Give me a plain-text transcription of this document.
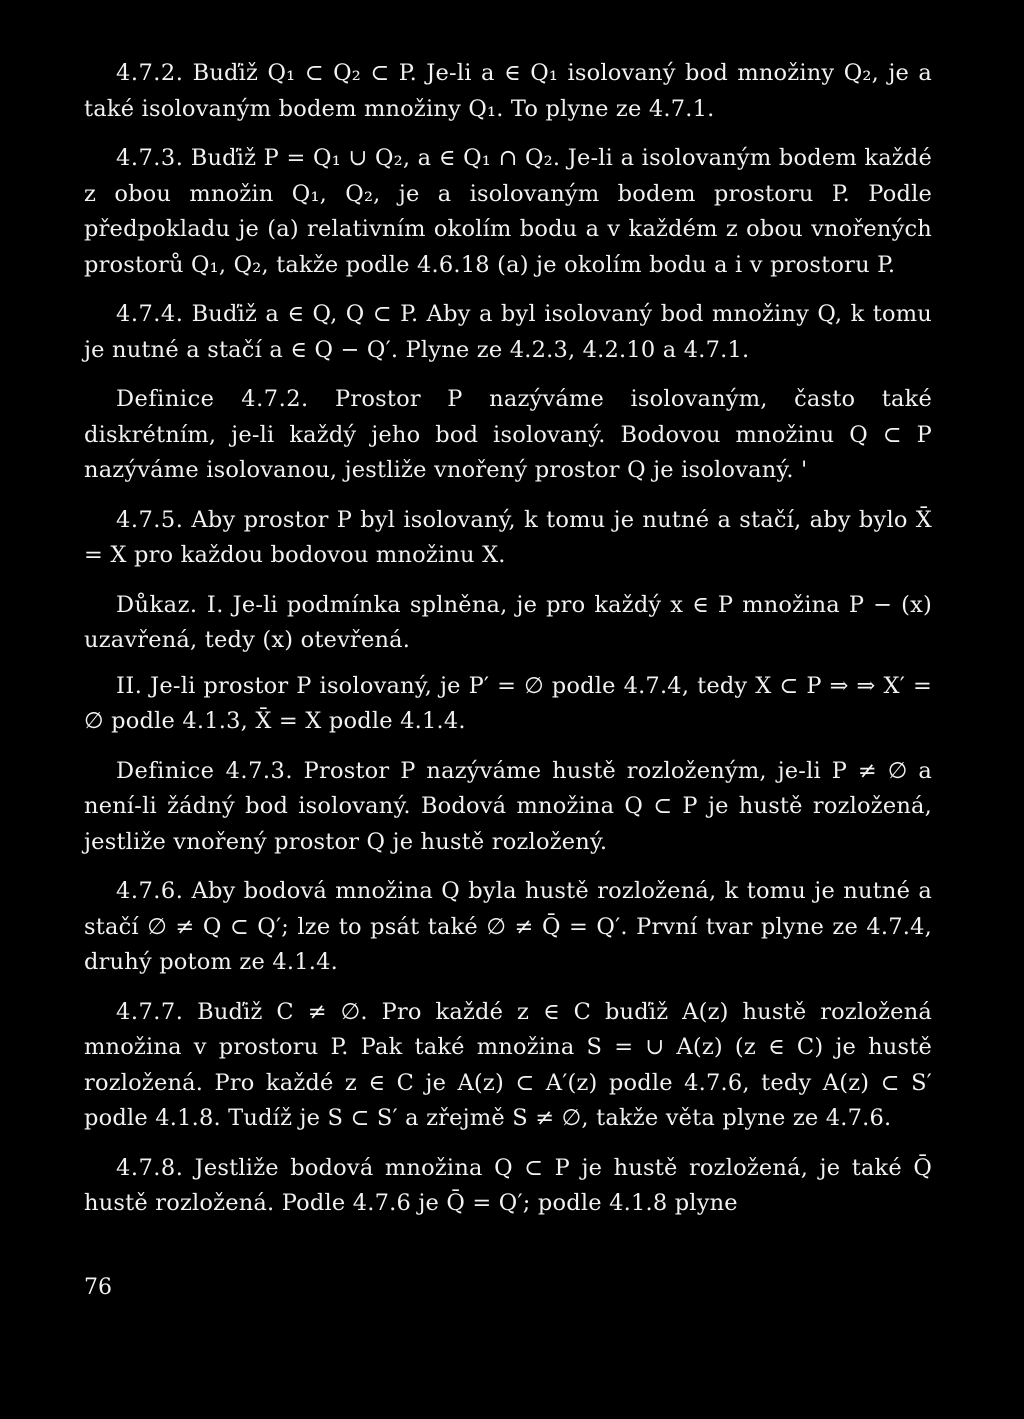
4.7.2. Buďiž Q₁ ⊂ Q₂ ⊂ P. Je-li a ∈ Q₁ isolovaný bod množiny Q₂, je a také isolovaným bodem množiny Q₁. To plyne ze 4.7.1.

4.7.3. Buďiž P = Q₁ ∪ Q₂, a ∈ Q₁ ∩ Q₂. Je-li a isolovaným bodem každé z obou množin Q₁, Q₂, je a isolovaným bodem prostoru P. Podle předpokladu je (a) relativním okolím bodu a v každém z obou vnořených prostorů Q₁, Q₂, takže podle 4.6.18 (a) je okolím bodu a i v prostoru P.

4.7.4. Buďiž a ∈ Q, Q ⊂ P. Aby a byl isolovaný bod množiny Q, k tomu je nutné a stačí a ∈ Q − Q′. Plyne ze 4.2.3, 4.2.10 a 4.7.1.

Definice 4.7.2. Prostor P nazýváme isolovaným, často také diskrétním, je-li každý jeho bod isolovaný. Bodovou množinu Q ⊂ P nazýváme isolovanou, jestliže vnořený prostor Q je isolovaný. '

4.7.5. Aby prostor P byl isolovaný, k tomu je nutné a stačí, aby bylo X̄ = X pro každou bodovou množinu X.

Důkaz. I. Je-li podmínka splněna, je pro každý x ∈ P množina P − (x) uzavřená, tedy (x) otevřená.

II. Je-li prostor P isolovaný, je P′ = ∅ podle 4.7.4, tedy X ⊂ P ⇒ ⇒ X′ = ∅ podle 4.1.3, X̄ = X podle 4.1.4.

Definice 4.7.3. Prostor P nazýváme hustě rozloženým, je-li P ≠ ∅ a není-li žádný bod isolovaný. Bodová množina Q ⊂ P je hustě rozložená, jestliže vnořený prostor Q je hustě rozložený.

4.7.6. Aby bodová množina Q byla hustě rozložená, k tomu je nutné a stačí ∅ ≠ Q ⊂ Q′; lze to psát také ∅ ≠ Q̄ = Q′. První tvar plyne ze 4.7.4, druhý potom ze 4.1.4.

4.7.7. Buďiž C ≠ ∅. Pro každé z ∈ C buďiž A(z) hustě rozložená množina v prostoru P. Pak také množina S = ∪ A(z) (z ∈ C) je hustě rozložená. Pro každé z ∈ C je A(z) ⊂ A′(z) podle 4.7.6, tedy A(z) ⊂ S′ podle 4.1.8. Tudíž je S ⊂ S′ a zřejmě S ≠ ∅, takže věta plyne ze 4.7.6.

4.7.8. Jestliže bodová množina Q ⊂ P je hustě rozložená, je také Q̄ hustě rozložená. Podle 4.7.6 je Q̄ = Q′; podle 4.1.8 plyne

76
